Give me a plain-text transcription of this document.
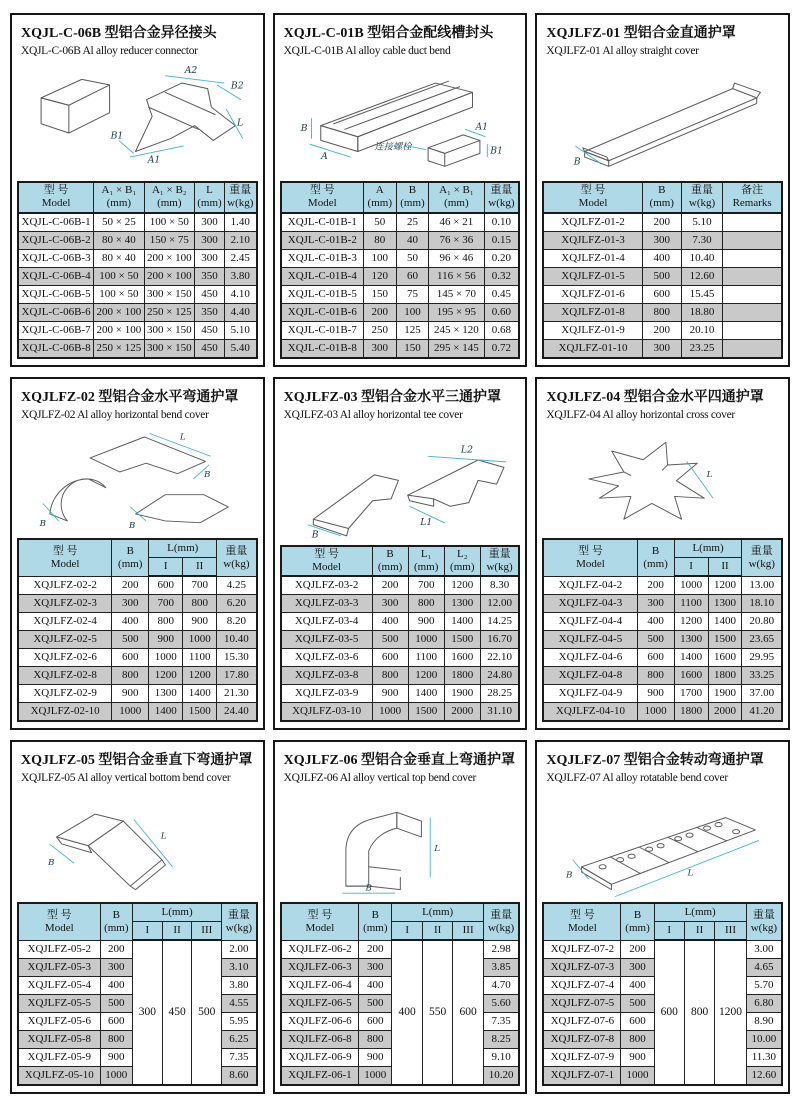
XQJL-C-06B 型铝合金异径接头
XQJL-C-06B Al alloy reducer connector
A2
B2
L
A1
B1
型 号
Model	A₁ × B₁
(mm)	A₁ × B₂
(mm)	L
(mm)	重量
w(kg)
XQJL-C-06B-1	50 × 25	100 × 50	300	1.40
XQJL-C-06B-2	80 × 40	150 × 75	300	2.10
XQJL-C-06B-3	80 × 40	200 × 100	300	2.45
XQJL-C-06B-4	100 × 50	200 × 100	350	3.80
XQJL-C-06B-5	100 × 50	300 × 150	450	4.10
XQJL-C-06B-6	200 × 100	250 × 125	350	4.40
XQJL-C-06B-7	200 × 100	300 × 150	450	5.10
XQJL-C-06B-8	250 × 125	300 × 150	450	5.40
XQJL-C-01B 型铝合金配线槽封头
XQJL-C-01B Al alloy cable duct bend
B
A
连接螺栓
A1
B1
型 号
Model	A
(mm)	B
(mm)	A₁ × B₁
(mm)	重量
w(kg)
XQJL-C-01B-1	50	25	46 × 21	0.10
XQJL-C-01B-2	80	40	76 × 36	0.15
XQJL-C-01B-3	100	50	96 × 46	0.20
XQJL-C-01B-4	120	60	116 × 56	0.32
XQJL-C-01B-5	150	75	145 × 70	0.45
XQJL-C-01B-6	200	100	195 × 95	0.60
XQJL-C-01B-7	250	125	245 × 120	0.68
XQJL-C-01B-8	300	150	295 × 145	0.72
XQJLFZ-01 型铝合金直通护罩
XQJLFZ-01 Al alloy straight cover
B
型 号
Model	B
(mm)	重量
w(kg)	备注
Remarks
XQJLFZ-01-2	200	5.10	
XQJLFZ-01-3	300	7.30	
XQJLFZ-01-4	400	10.40	
XQJLFZ-01-5	500	12.60	
XQJLFZ-01-6	600	15.45	
XQJLFZ-01-8	800	18.80	
XQJLFZ-01-9	200	20.10	
XQJLFZ-01-10	300	23.25	
XQJLFZ-02 型铝合金水平弯通护罩
XQJLFZ-02 Al alloy horizontal bend cover
L
B
B	B
型 号
Model	B
(mm)	L(mm)		重量
w(kg)
		I	II	
XQJLFZ-02-2	200	600	700	4.25
XQJLFZ-02-3	300	700	800	6.20
XQJLFZ-02-4	400	800	900	8.20
XQJLFZ-02-5	500	900	1000	10.40
XQJLFZ-02-6	600	1000	1100	15.30
XQJLFZ-02-8	800	1200	1200	17.80
XQJLFZ-02-9	900	1300	1400	21.30
XQJLFZ-02-10	1000	1400	1500	24.40
XQJLFZ-03 型铝合金水平三通护罩
XQJLFZ-03 Al alloy horizontal tee cover
B
L2
L1
型 号
Model	B
(mm)	L₁
(mm)	L₂
(mm)	重量
w(kg)
XQJLFZ-03-2	200	700	1200	8.30
XQJLFZ-03-3	300	800	1300	12.00
XQJLFZ-03-4	400	900	1400	14.25
XQJLFZ-03-5	500	1000	1500	16.70
XQJLFZ-03-6	600	1100	1600	22.10
XQJLFZ-03-8	800	1200	1800	24.80
XQJLFZ-03-9	900	1400	1900	28.25
XQJLFZ-03-10	1000	1500	2000	31.10
XQJLFZ-04 型铝合金水平四通护罩
XQJLFZ-04 Al alloy horizontal cross cover
L
型 号
Model	B
(mm)	L(mm)		重量
w(kg)
		I	II	
XQJLFZ-04-2	200	1000	1200	13.00
XQJLFZ-04-3	300	1100	1300	18.10
XQJLFZ-04-4	400	1200	1400	20.80
XQJLFZ-04-5	500	1300	1500	23.65
XQJLFZ-04-6	600	1400	1600	29.95
XQJLFZ-04-8	800	1600	1800	33.25
XQJLFZ-04-9	900	1700	1900	37.00
XQJLFZ-04-10	1000	1800	2000	41.20
XQJLFZ-05 型铝合金垂直下弯通护罩
XQJLFZ-05 Al alloy vertical bottom bend cover
L
B
型 号
Model	B
(mm)	L(mm)			重量
w(kg)
		I	II	III	
XQJLFZ-05-2	200	300	450	500	2.00
XQJLFZ-05-3	300				3.10
XQJLFZ-05-4	400				3.80
XQJLFZ-05-5	500				4.55
XQJLFZ-05-6	600				5.95
XQJLFZ-05-8	800				6.25
XQJLFZ-05-9	900				7.35
XQJLFZ-05-10	1000				8.60
XQJLFZ-06 型铝合金垂直上弯通护罩
XQJLFZ-06 Al alloy vertical top bend cover
L
B
型 号
Model	B
(mm)	L(mm)			重量
w(kg)
		I	II	III	
XQJLFZ-06-2	200	400	550	600	2.98
XQJLFZ-06-3	300				3.85
XQJLFZ-06-4	400				4.70
XQJLFZ-06-5	500				5.60
XQJLFZ-06-6	600				7.35
XQJLFZ-06-8	800				8.25
XQJLFZ-06-9	900				9.10
XQJLFZ-06-1	1000				10.20
XQJLFZ-07 型铝合金转动弯通护罩
XQJLFZ-07 Al alloy rotatable bend cover
B	L
型 号
Model	B
(mm)	L(mm)			重量
w(kg)
		I	II	III	
XQJLFZ-07-2	200	600	800	1200	3.00
XQJLFZ-07-3	300				4.65
XQJLFZ-07-4	400				5.70
XQJLFZ-07-5	500				6.80
XQJLFZ-07-6	600				8.90
XQJLFZ-07-8	800				10.00
XQJLFZ-07-9	900				11.30
XQJLFZ-07-1	1000				12.60
